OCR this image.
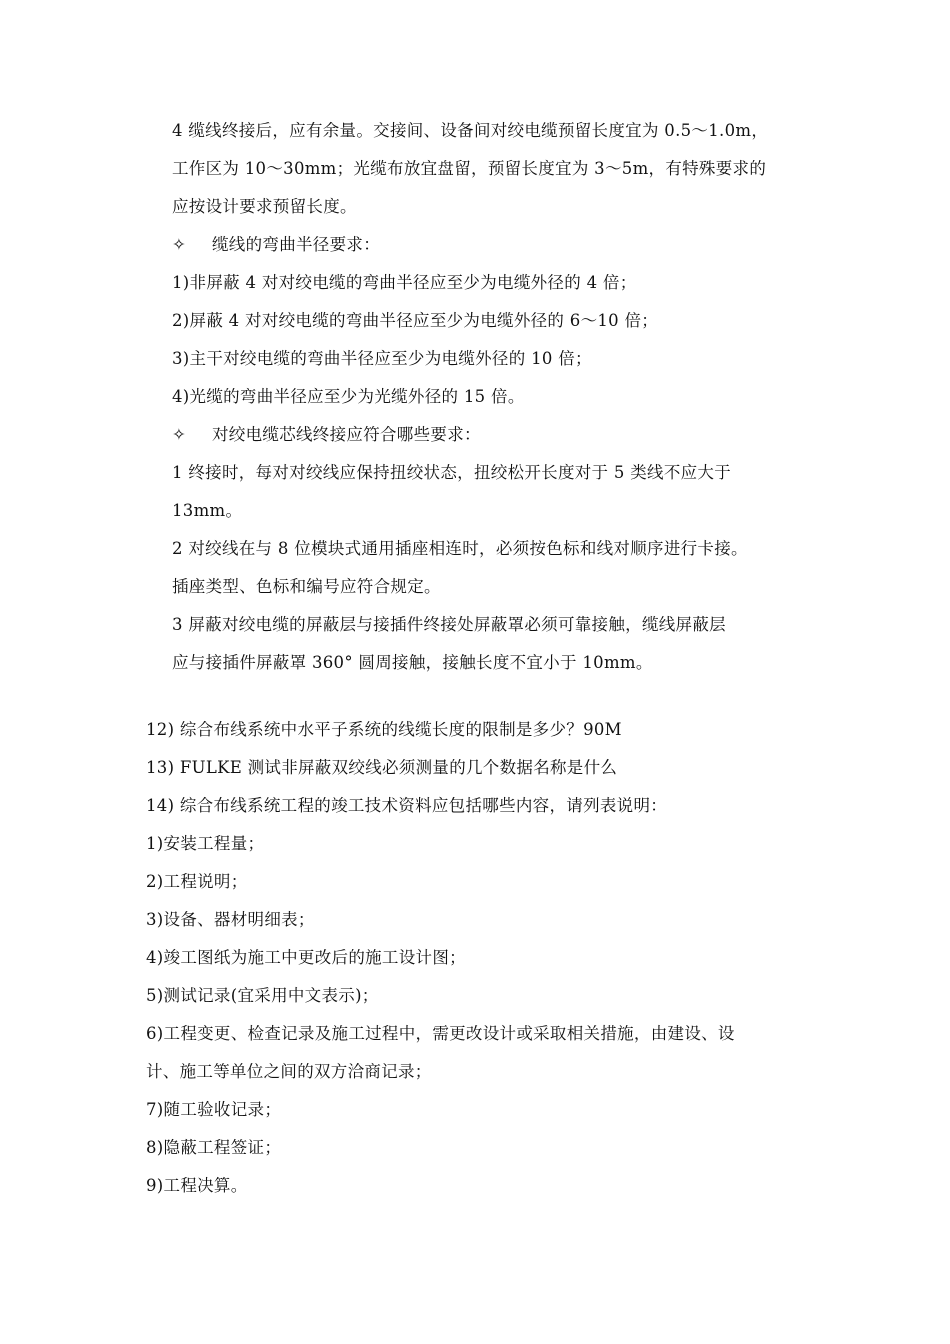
4 缆线终接后，应有余量。交接间、设备间对绞电缆预留长度宜为 0.5～1.0m，
工作区为 10～30mm；光缆布放宜盘留，预留长度宜为 3～5m，有特殊要求的
应按设计要求预留长度。
✧ 缆线的弯曲半径要求：
1)非屏蔽 4 对对绞电缆的弯曲半径应至少为电缆外径的 4 倍；
2)屏蔽 4 对对绞电缆的弯曲半径应至少为电缆外径的 6～10 倍；
3)主干对绞电缆的弯曲半径应至少为电缆外径的 10 倍；
4)光缆的弯曲半径应至少为光缆外径的 15 倍。
✧ 对绞电缆芯线终接应符合哪些要求：
1 终接时，每对对绞线应保持扭绞状态，扭绞松开长度对于 5 类线不应大于
13mm。
2 对绞线在与 8 位模块式通用插座相连时，必须按色标和线对顺序进行卡接。
插座类型、色标和编号应符合规定。
3 屏蔽对绞电缆的屏蔽层与接插件终接处屏蔽罩必须可靠接触，缆线屏蔽层
应与接插件屏蔽罩 360° 圆周接触，接触长度不宜小于 10mm。
12) 综合布线系统中水平子系统的线缆长度的限制是多少？90M
13) FULKE 测试非屏蔽双绞线必须测量的几个数据名称是什么
14) 综合布线系统工程的竣工技术资料应包括哪些内容，请列表说明：
1)安装工程量；
2)工程说明；
3)设备、器材明细表；
4)竣工图纸为施工中更改后的施工设计图；
5)测试记录(宜采用中文表示)；
6)工程变更、检查记录及施工过程中，需更改设计或采取相关措施，由建设、设
计、施工等单位之间的双方洽商记录；
7)随工验收记录；
8)隐蔽工程签证；
9)工程决算。
